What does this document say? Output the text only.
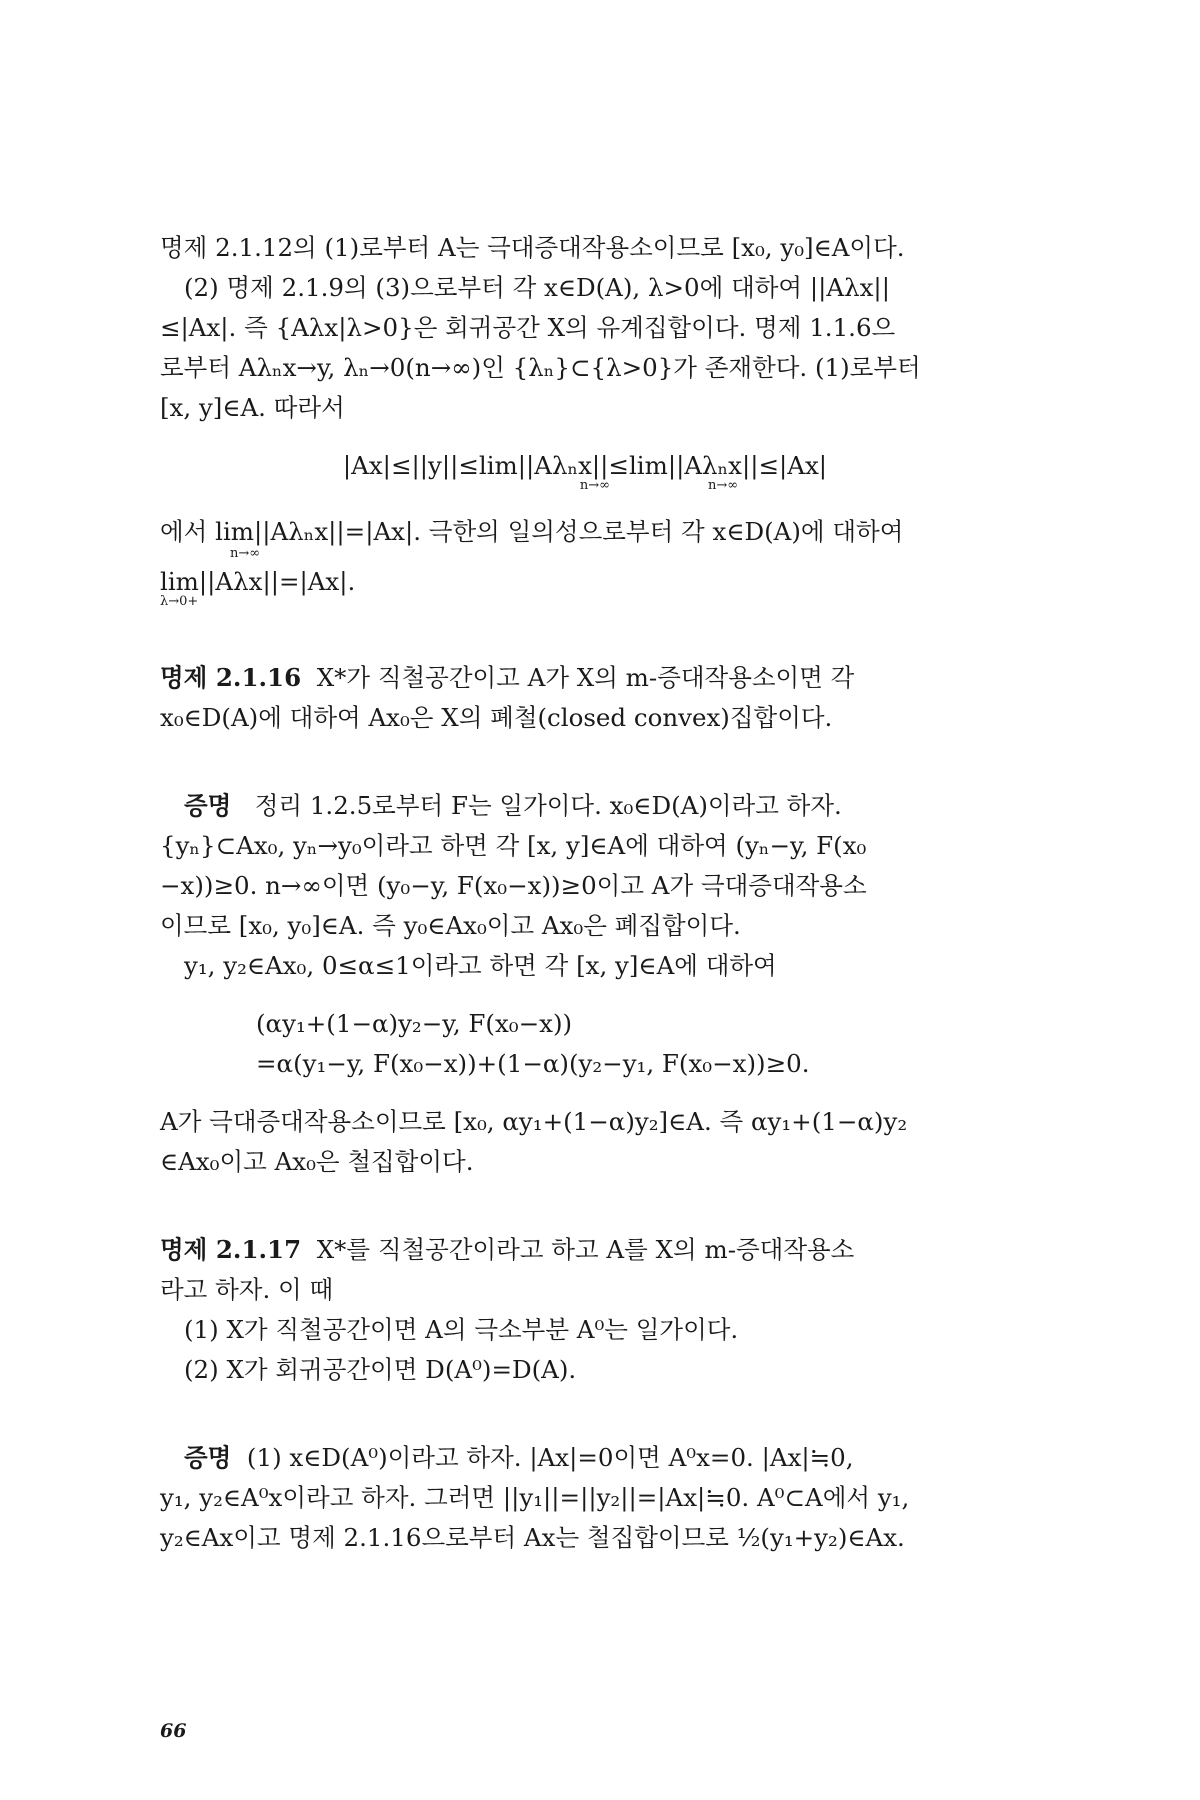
명제 2.1.12의 (1)로부터 A는 극대증대작용소이므로 [x₀, y₀]∈A이다.

(2) 명제 2.1.9의 (3)으로부터 각 x∈D(A), λ>0에 대하여 ||Aλx||

≤|Ax|. 즉 {Aλx|λ>0}은 회귀공간 X의 유계집합이다. 명제 1.1.6으

로부터 Aλₙx→y, λₙ→0(n→∞)인 {λₙ}⊂{λ>0}가 존재한다. (1)로부터

[x, y]∈A. 따라서

|Ax|≤||y||≤lim||Aλₙx||≤lim||Aλₙx||≤|Ax|

n→∞	n→∞

에서 lim||Aλₙx||=|Ax|. 극한의 일의성으로부터 각 x∈D(A)에 대하여

n→∞

lim||Aλx||=|Ax|.

λ→0+

명제 2.1.16 X*가 직철공간이고 A가 X의 m-증대작용소이면 각

x₀∈D(A)에 대하여 Ax₀은 X의 폐철(closed convex)집합이다.

증명 정리 1.2.5로부터 F는 일가이다. x₀∈D(A)이라고 하자.

{yₙ}⊂Ax₀, yₙ→y₀이라고 하면 각 [x, y]∈A에 대하여 (yₙ−y, F(x₀

−x))≥0. n→∞이면 (y₀−y, F(x₀−x))≥0이고 A가 극대증대작용소

이므로 [x₀, y₀]∈A. 즉 y₀∈Ax₀이고 Ax₀은 폐집합이다.

y₁, y₂∈Ax₀, 0≤α≤1이라고 하면 각 [x, y]∈A에 대하여

(αy₁+(1−α)y₂−y, F(x₀−x))

=α(y₁−y, F(x₀−x))+(1−α)(y₂−y₁, F(x₀−x))≥0.

A가 극대증대작용소이므로 [x₀, αy₁+(1−α)y₂]∈A. 즉 αy₁+(1−α)y₂

∈Ax₀이고 Ax₀은 철집합이다.

명제 2.1.17 X*를 직철공간이라고 하고 A를 X의 m-증대작용소

라고 하자. 이 때

(1) X가 직철공간이면 A의 극소부분 A⁰는 일가이다.

(2) X가 회귀공간이면 D(A⁰)=D(A).

증명 (1) x∈D(A⁰)이라고 하자. |Ax|=0이면 A⁰x=0. |Ax|≒0,

y₁, y₂∈A⁰x이라고 하자. 그러면 ||y₁||=||y₂||=|Ax|≒0. A⁰⊂A에서 y₁,

y₂∈Ax이고 명제 2.1.16으로부터 Ax는 철집합이므로 ½(y₁+y₂)∈Ax.

66
